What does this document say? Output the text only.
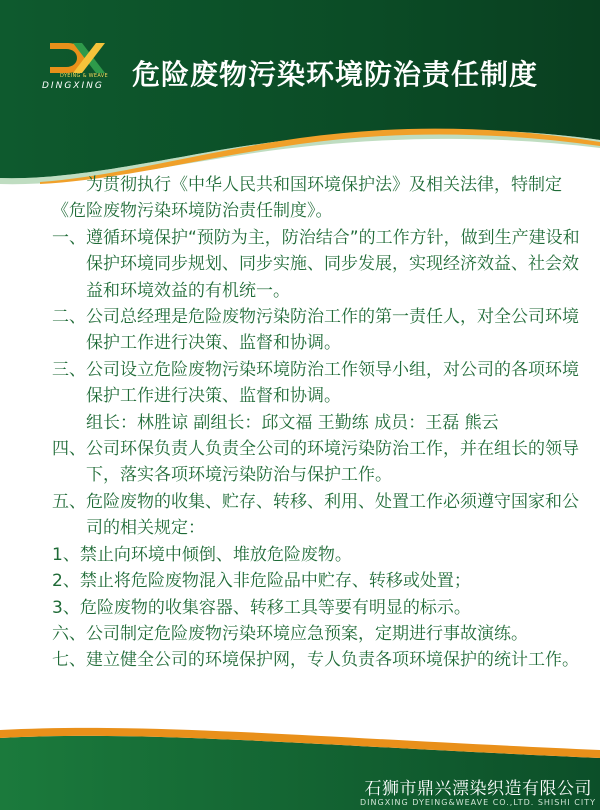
DYEING & WEAVE
DINGXING 危险废物污染环境防治责任制度

为贯彻执行《中华人民共和国环境保护法》及相关法律，特制定《危险废物污染环境防治责任制度》。

一、遵循环境保护“预防为主，防治结合”的工作方针，做到生产建设和保护环境同步规划、同步实施、同步发展，实现经济效益、社会效益和环境效益的有机统一。

二、公司总经理是危险废物污染防治工作的第一责任人，对全公司环境保护工作进行决策、监督和协调。

三、公司设立危险废物污染环境防治工作领导小组，对公司的各项环境保护工作进行决策、监督和协调。

组长：林胜谅 副组长：邱文福 王勤练 成员：王磊 熊云

四、公司环保负责人负责全公司的环境污染防治工作，并在组长的领导下，落实各项环境污染防治与保护工作。

五、危险废物的收集、贮存、转移、利用、处置工作必须遵守国家和公司的相关规定：

1、禁止向环境中倾倒、堆放危险废物。

2、禁止将危险废物混入非危险品中贮存、转移或处置；

3、危险废物的收集容器、转移工具等要有明显的标示。

六、公司制定危险废物污染环境应急预案，定期进行事故演练。

七、建立健全公司的环境保护网，专人负责各项环境保护的统计工作。

石狮市鼎兴漂染织造有限公司
DINGXING DYEING&WEAVE CO.,LTD. SHISHI CITY
